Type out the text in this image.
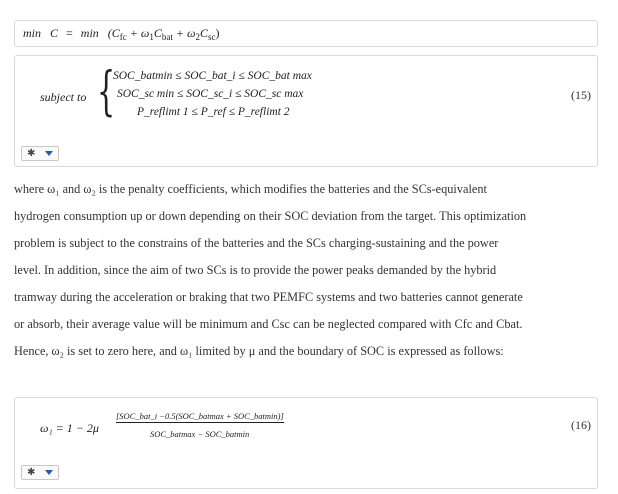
$\min C = \min (C_{fc} + \omega_1C_{bat} + \omega_2C_{sc})$
subject to {
SOC_batmin ≤ SOC_bat_i ≤ SOC_bat max
SOC_sc min ≤ SOC_sc_i ≤ SOC_sc max
P_reflimt 1 ≤ P_ref ≤ P_reflimt 2
(15)
✱

where ω₁ and ω₂ is the penalty coefficients, which modifies the batteries and the SCs-equivalent

hydrogen consumption up or down depending on their SOC deviation from the target. This optimization

problem is subject to the constrains of the batteries and the SCs charging-sustaining and the power

level. In addition, since the aim of two SCs is to provide the power peaks demanded by the hybrid

tramway during the acceleration or braking that two PEMFC systems and two batteries cannot generate

or absorb, their average value will be minimum and Csc can be neglected compared with Cfc and Cbat.

Hence, ω₂ is set to zero here, and ω₁ limited by μ and the boundary of SOC is expressed as follows:

ω₁ = 1 − 2μ
[SOC_bat_i −0.5(SOC_batmax + SOC_batmin)]
SOC_batmax − SOC_batmin
(16)
✱
